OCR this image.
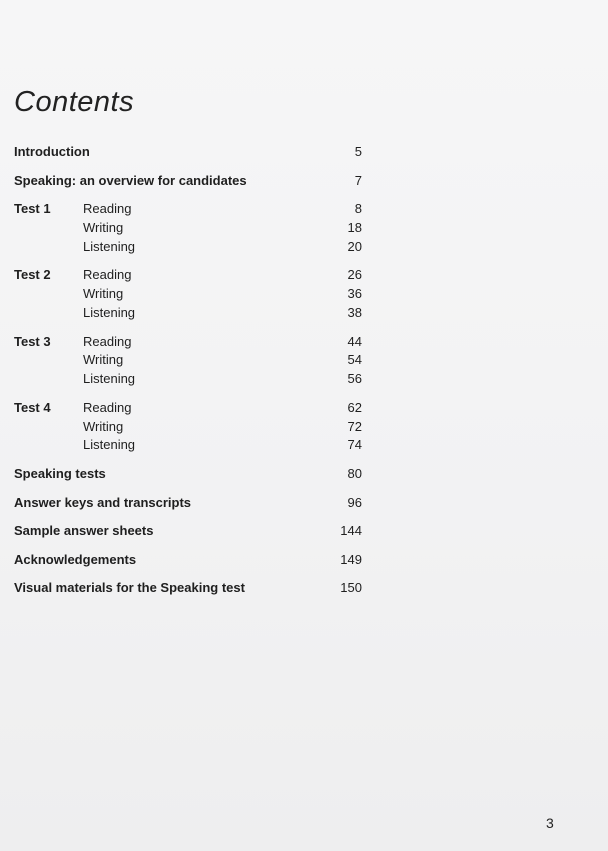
Contents
Introduction	5
Speaking: an overview for candidates	7
Test 1 Reading	8
Writing	18
Listening	20
Test 2 Reading	26
Writing	36
Listening	38
Test 3 Reading	44
Writing	54
Listening	56
Test 4 Reading	62
Writing	72
Listening	74
Speaking tests	80
Answer keys and transcripts	96
Sample answer sheets	144
Acknowledgements	149
Visual materials for the Speaking test	150
3
